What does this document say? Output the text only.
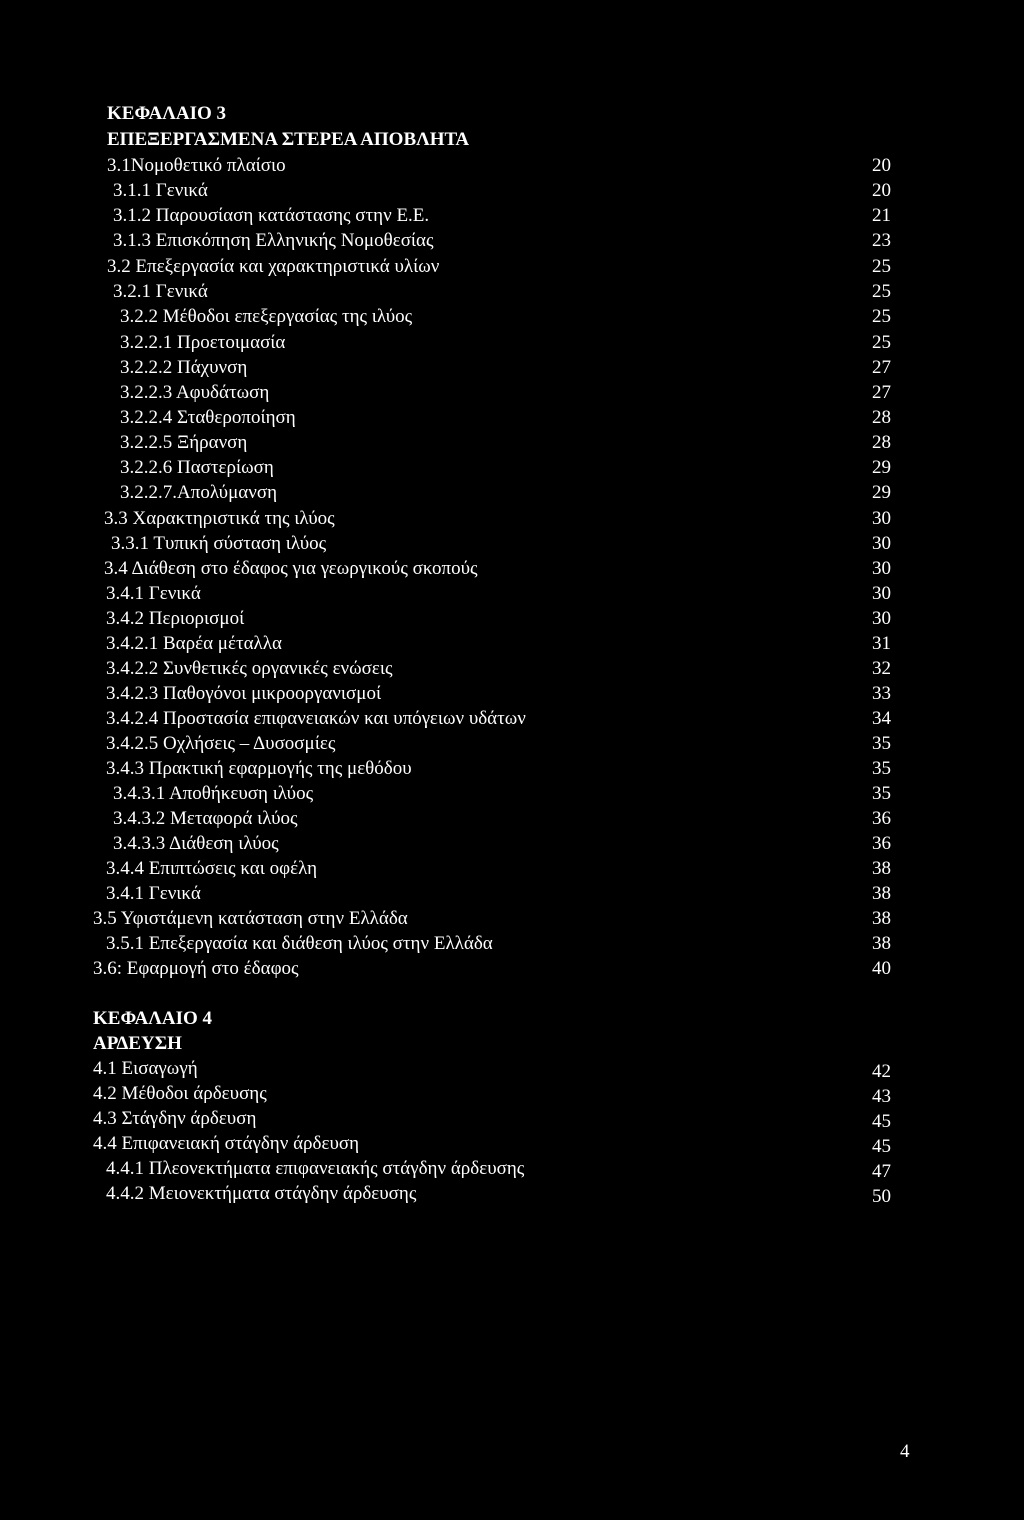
ΚΕΦΑΛΑΙΟ 3
ΕΠΕΞΕΡΓΑΣΜΕΝΑ ΣΤΕΡΕΑ ΑΠΟΒΛΗΤΑ
3.1Νομοθετικό πλαίσιο	20
3.1.1 Γενικά	20
3.1.2 Παρουσίαση κατάστασης στην Ε.Ε.	21
3.1.3 Επισκόπηση Ελληνικής Νομοθεσίας	23
3.2 Επεξεργασία και χαρακτηριστικά υλίων	25
3.2.1 Γενικά	25
3.2.2 Μέθοδοι επεξεργασίας της ιλύος	25
3.2.2.1 Προετοιμασία	25
3.2.2.2 Πάχυνση	27
3.2.2.3 Αφυδάτωση	27
3.2.2.4 Σταθεροποίηση	28
3.2.2.5 Ξήρανση	28
3.2.2.6 Παστερίωση	29
3.2.2.7.Απολύμανση	29
3.3 Χαρακτηριστικά της ιλύος	30
3.3.1 Τυπική σύσταση ιλύος	30
3.4 Διάθεση στο έδαφος για γεωργικούς σκοπούς	30
3.4.1 Γενικά	30
3.4.2 Περιορισμοί	30
3.4.2.1 Βαρέα μέταλλα	31
3.4.2.2 Συνθετικές οργανικές ενώσεις	32
3.4.2.3 Παθογόνοι μικροοργανισμοί	33
3.4.2.4 Προστασία επιφανειακών και υπόγειων υδάτων	34
3.4.2.5 Οχλήσεις – Δυσοσμίες	35
3.4.3 Πρακτική εφαρμογής της μεθόδου	35
3.4.3.1 Αποθήκευση ιλύος	35
3.4.3.2 Μεταφορά ιλύος	36
3.4.3.3 Διάθεση ιλύος	36
3.4.4 Επιπτώσεις και οφέλη	38
3.4.1 Γενικά	38
3.5 Υφιστάμενη κατάσταση στην Ελλάδα	38
3.5.1 Επεξεργασία και διάθεση ιλύος στην Ελλάδα	38
3.6: Εφαρμογή στο έδαφος	40
ΚΕΦΑΛΑΙΟ 4
ΑΡΔΕΥΣΗ
4.1 Εισαγωγή	42
4.2 Μέθοδοι άρδευσης	43
4.3 Στάγδην άρδευση	45
4.4 Επιφανειακή στάγδην άρδευση	45
4.4.1 Πλεονεκτήματα επιφανειακής στάγδην άρδευσης	47
4.4.2 Μειονεκτήματα στάγδην άρδευσης	50
4
